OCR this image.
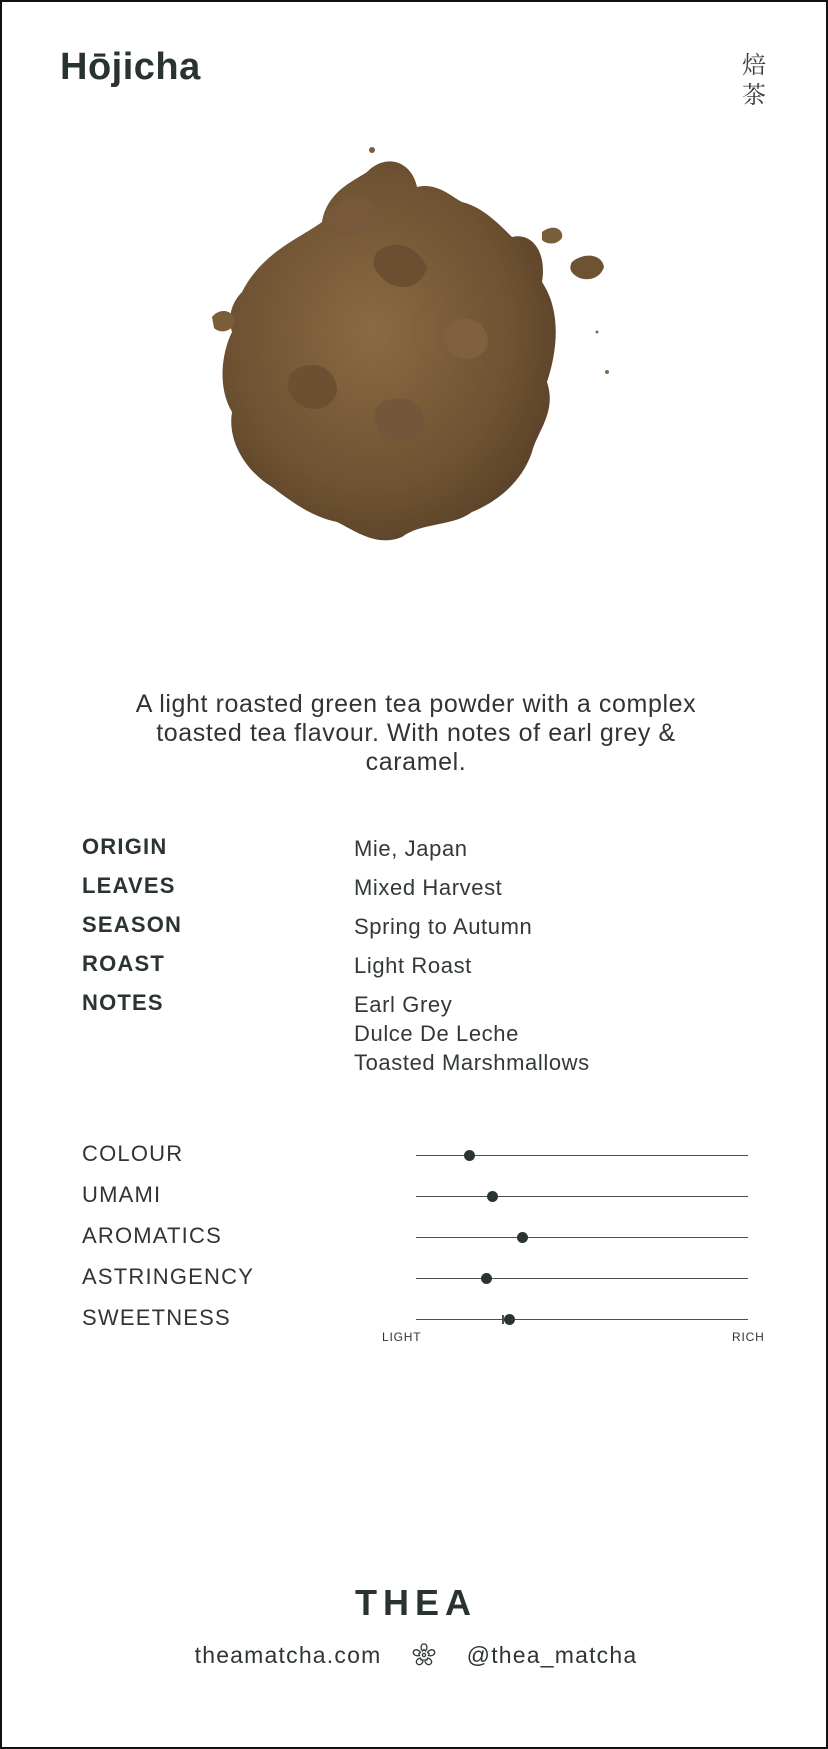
Hōjicha	焙
茶
A light roasted green tea powder with a complex toasted tea flavour. With notes of earl grey & caramel.
ORIGIN	Mie, Japan
LEAVES	Mixed Harvest
SEASON	Spring to Autumn
ROAST	Light Roast
NOTES	Earl Grey
Dulce De Leche
Toasted Marshmallows
COLOUR
UMAMI
AROMATICS
ASTRINGENCY
SWEETNESS
LIGHT	RICH
THEA
theamatcha.com	@thea_matcha
